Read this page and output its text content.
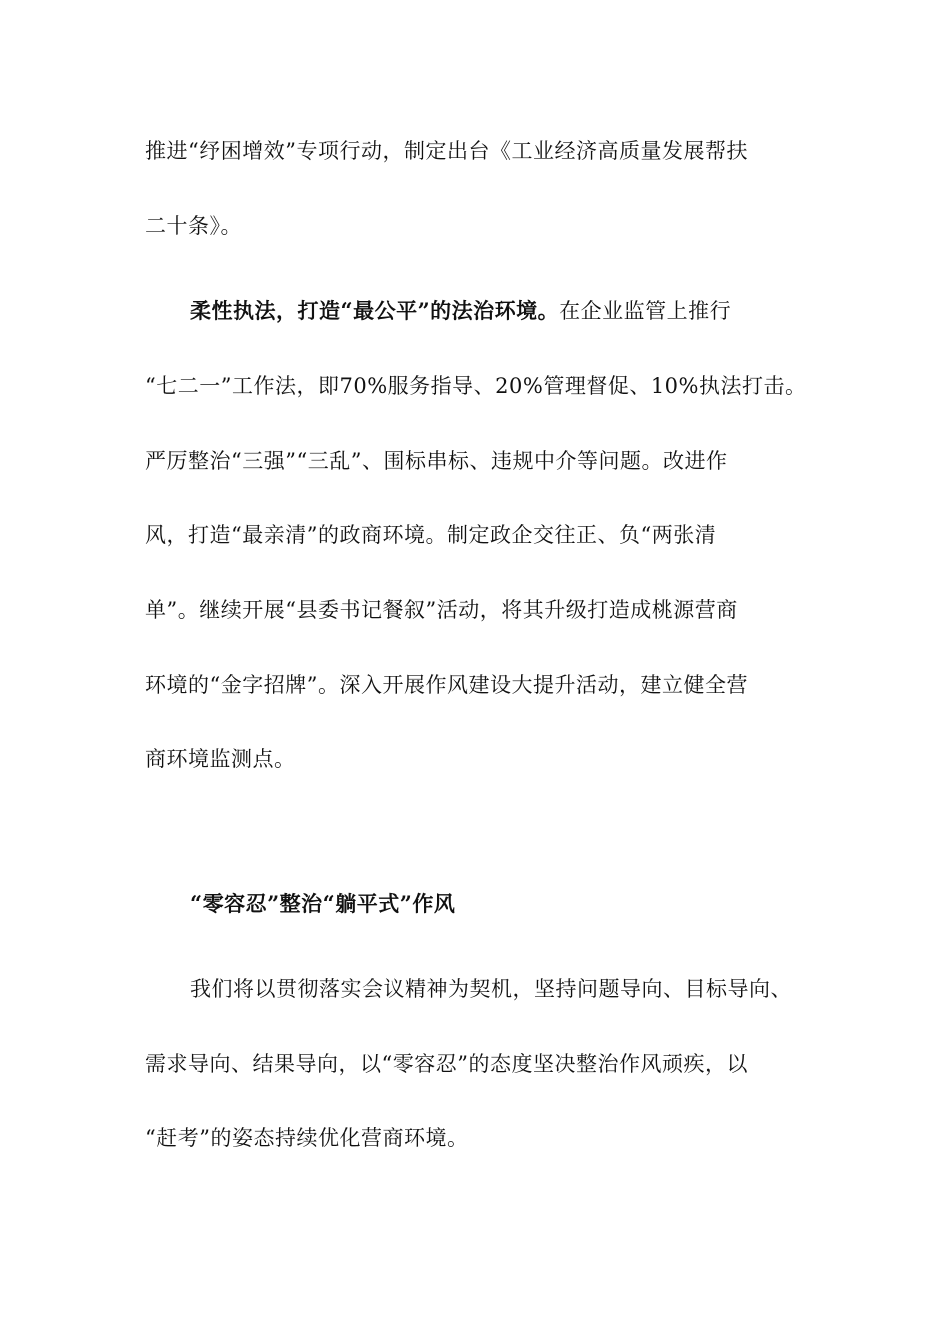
推进“纾困增效”专项行动，制定出台《工业经济高质量发展帮扶
二十条》。
柔性执法，打造“最公平”的法治环境。在企业监管上推行
“七二一”工作法，即70%服务指导、20%管理督促、10%执法打击。
严厉整治“三强”“三乱”、围标串标、违规中介等问题。改进作
风，打造“最亲清”的政商环境。制定政企交往正、负“两张清
单”。继续开展“县委书记餐叙”活动，将其升级打造成桃源营商
环境的“金字招牌”。深入开展作风建设大提升活动，建立健全营
商环境监测点。
“零容忍”整治“躺平式”作风
我们将以贯彻落实会议精神为契机，坚持问题导向、目标导向、
需求导向、结果导向，以“零容忍”的态度坚决整治作风顽疾，以
“赶考”的姿态持续优化营商环境。
